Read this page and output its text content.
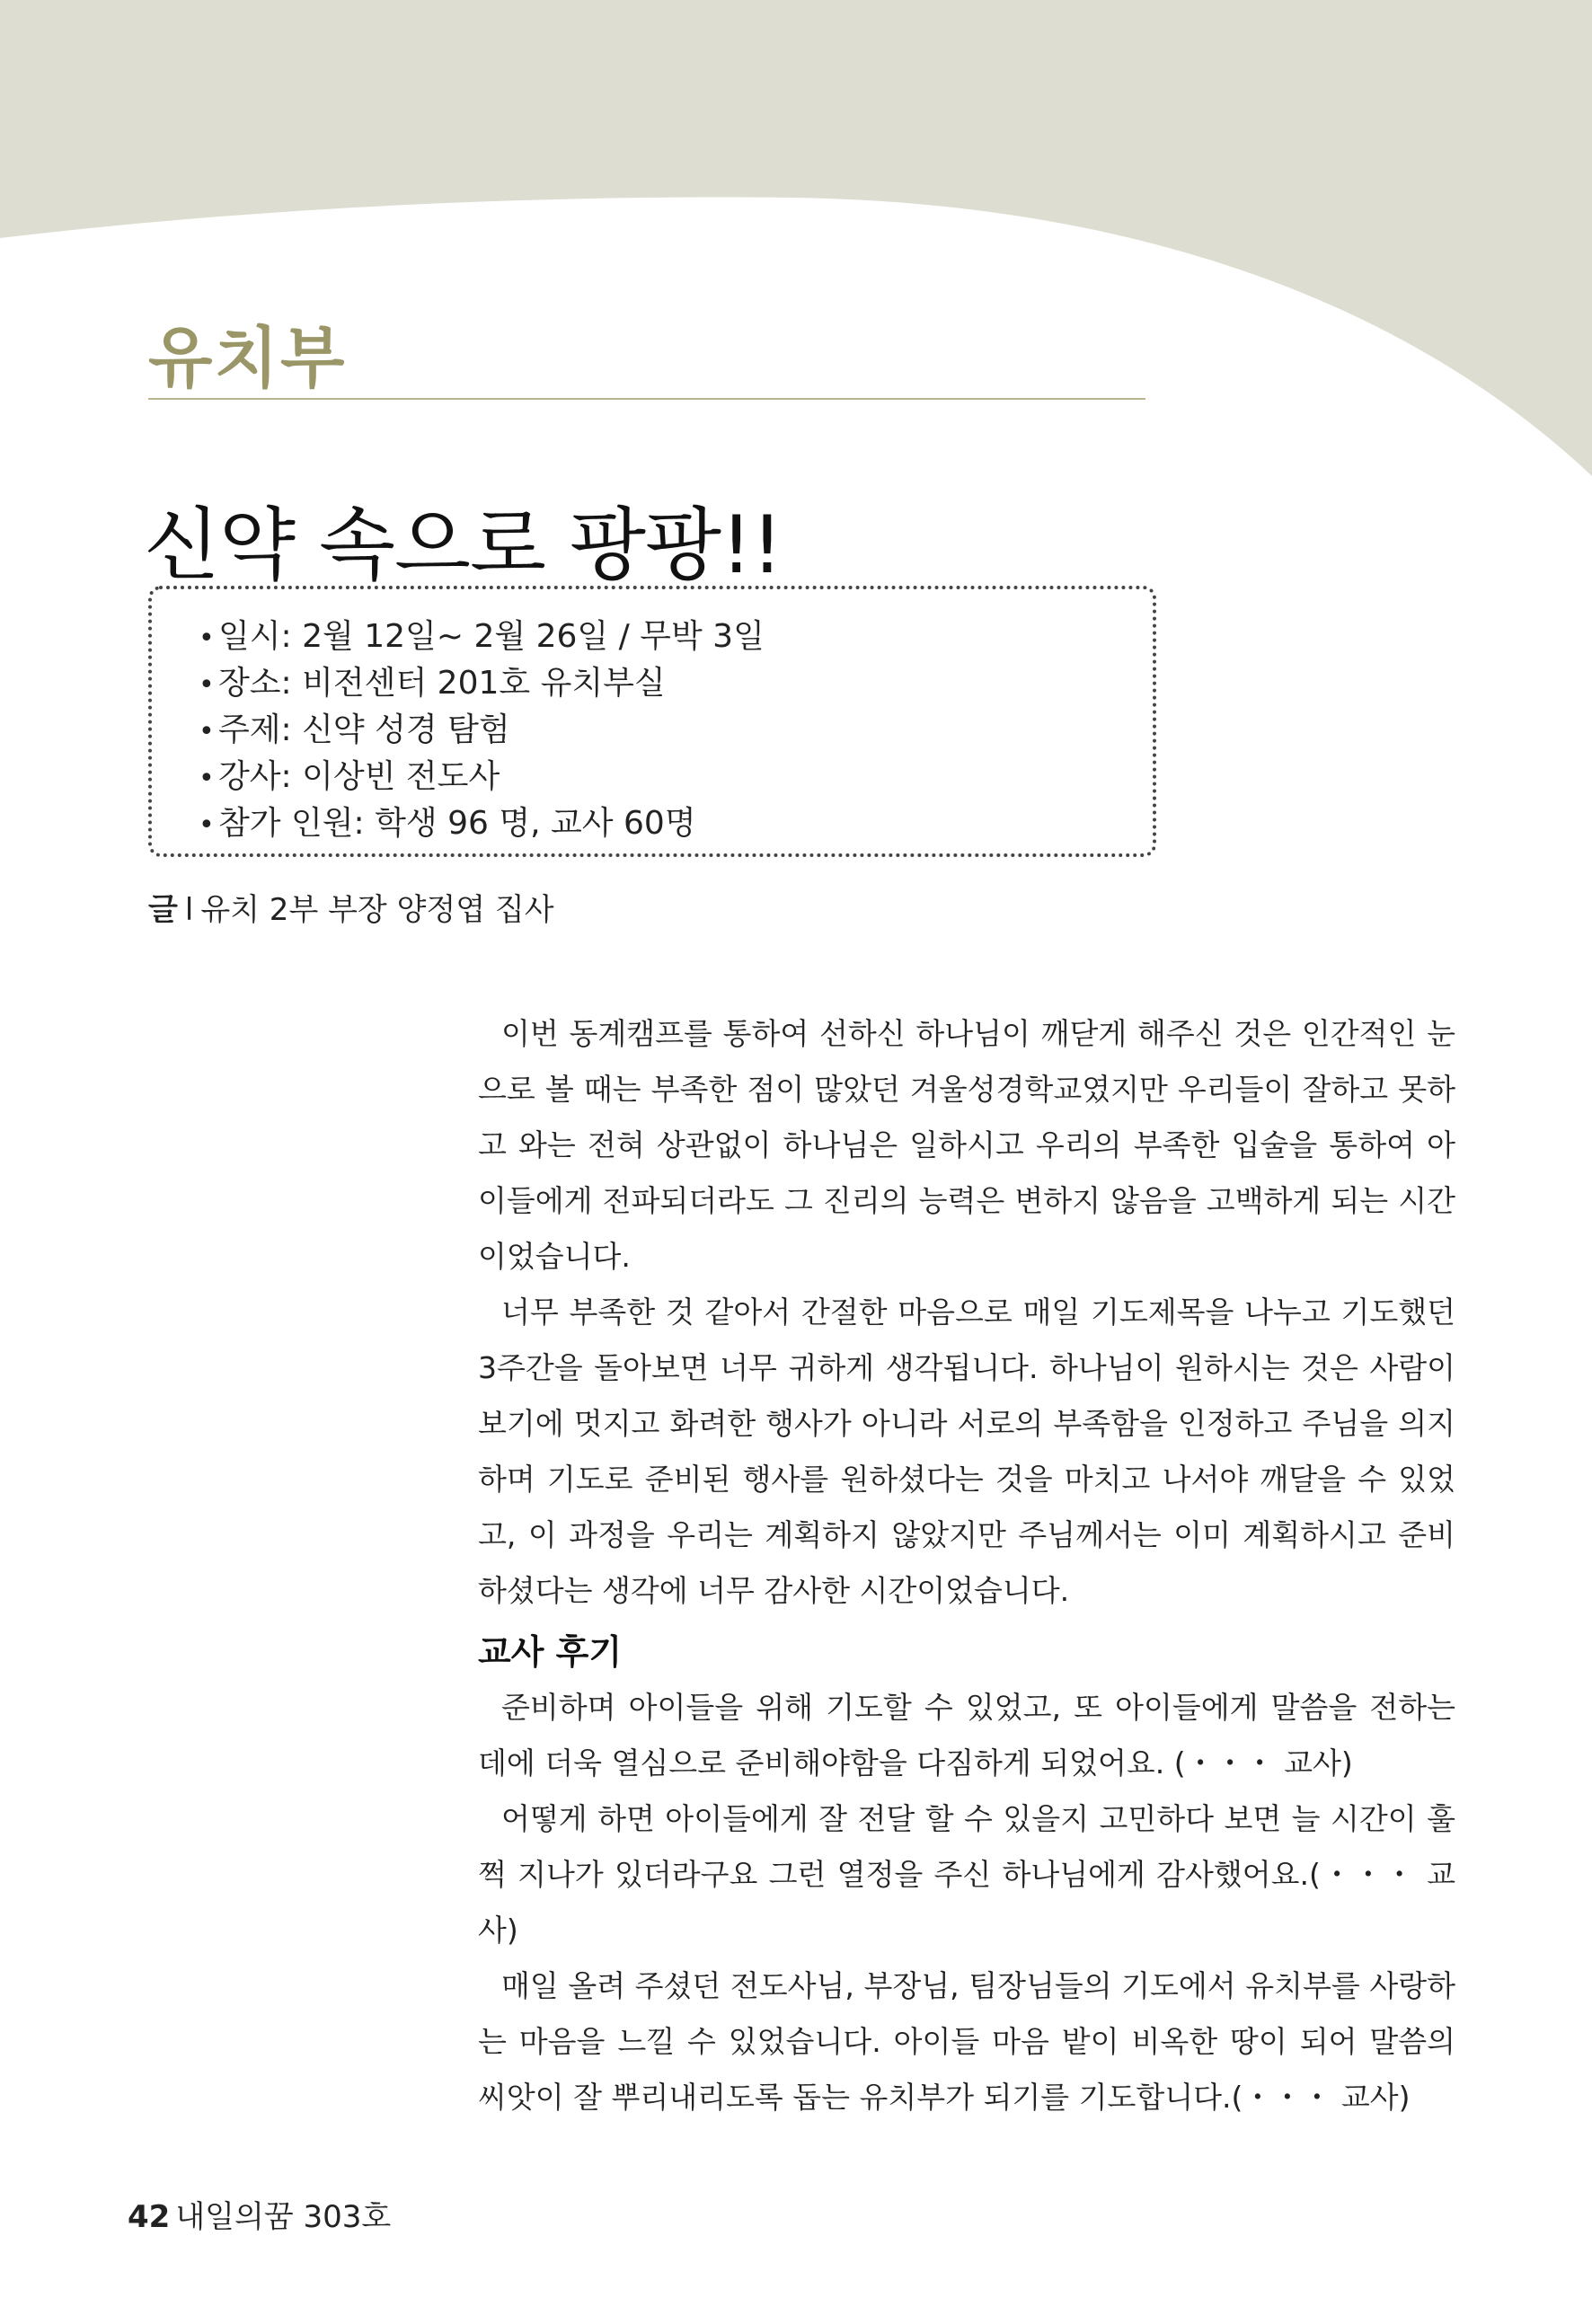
유치부
신약 속으로 팡팡!!
• 일시: 2월 12일~ 2월 26일 / 무박 3일
• 장소: 비전센터 201호 유치부실
• 주제: 신약 성경 탐험
• 강사: 이상빈 전도사
• 참가 인원: 학생 96 명, 교사 60명
글 l 유치 2부 부장 양정엽 집사

이번 동계캠프를 통하여 선하신 하나님이 깨닫게 해주신 것은 인간적인 눈으로 볼 때는 부족한 점이 많았던 겨울성경학교였지만 우리들이 잘하고 못하고 와는 전혀 상관없이 하나님은 일하시고 우리의 부족한 입술을 통하여 아이들에게 전파되더라도 그 진리의 능력은 변하지 않음을 고백하게 되는 시간이었습니다.

너무 부족한 것 같아서 간절한 마음으로 매일 기도제목을 나누고 기도했던 3주간을 돌아보면 너무 귀하게 생각됩니다. 하나님이 원하시는 것은 사람이 보기에 멋지고 화려한 행사가 아니라 서로의 부족함을 인정하고 주님을 의지하며 기도로 준비된 행사를 원하셨다는 것을 마치고 나서야 깨달을 수 있었고, 이 과정을 우리는 계획하지 않았지만 주님께서는 이미 계획하시고 준비하셨다는 생각에 너무 감사한 시간이었습니다.

교사 후기

준비하며 아이들을 위해 기도할 수 있었고, 또 아이들에게 말씀을 전하는 데에 더욱 열심으로 준비해야함을 다짐하게 되었어요. (・・・ 교사)

어떻게 하면 아이들에게 잘 전달 할 수 있을지 고민하다 보면 늘 시간이 훌쩍 지나가 있더라구요 그런 열정을 주신 하나님에게 감사했어요.(・・・ 교사)

매일 올려 주셨던 전도사님, 부장님, 팀장님들의 기도에서 유치부를 사랑하는 마음을 느낄 수 있었습니다. 아이들 마음 밭이 비옥한 땅이 되어 말씀의 씨앗이 잘 뿌리내리도록 돕는 유치부가 되기를 기도합니다.(・・・ 교사)

42 내일의꿈 303호
